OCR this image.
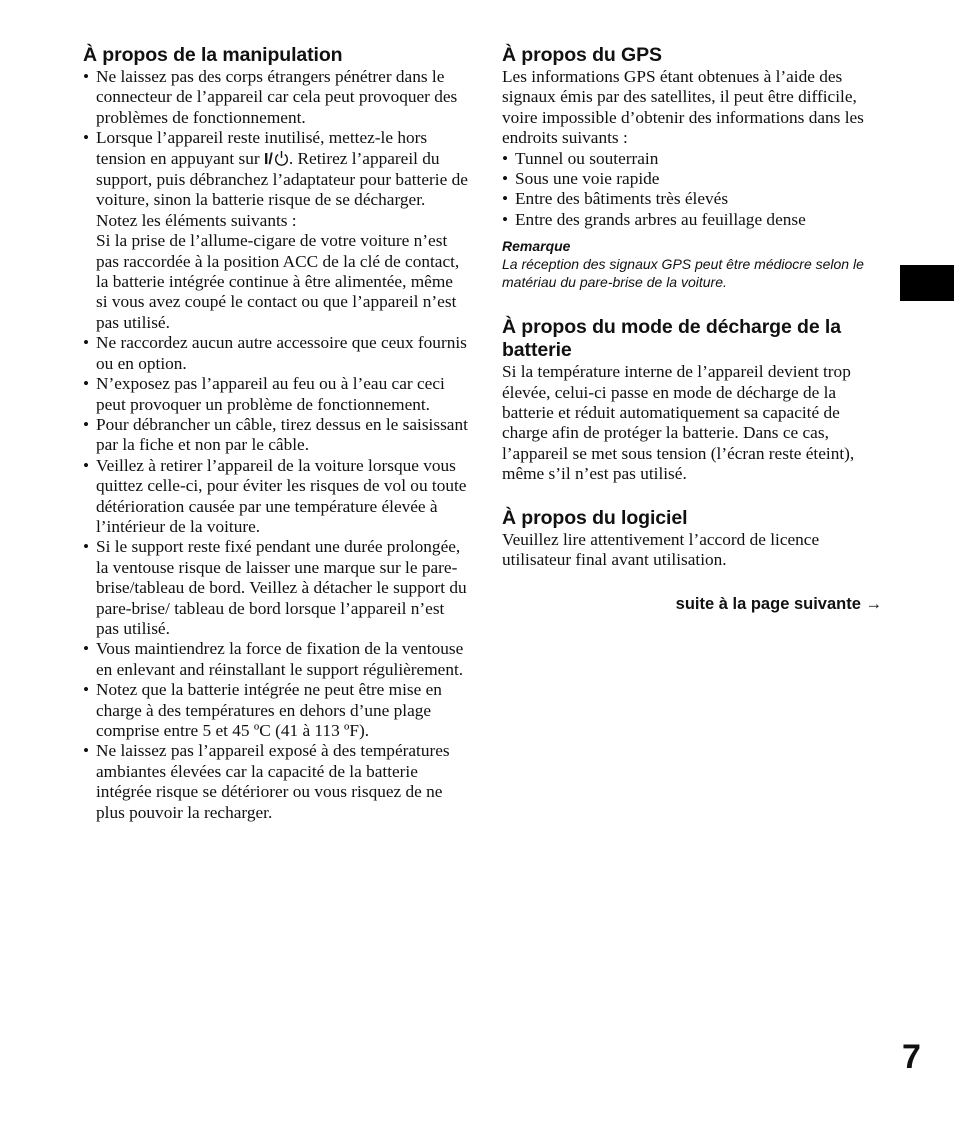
À propos de la manipulation
• Ne laissez pas des corps étrangers pénétrer dans le connecteur de l’appareil car cela peut provoquer des problèmes de fonctionnement.
• Lorsque l’appareil reste inutilisé, mettez-le hors tension en appuyant sur I/ . Retirez l’appareil du support, puis débranchez l’adaptateur pour batterie de voiture, sinon la batterie risque de se décharger. Notez les éléments suivants :
Si la prise de l’allume-cigare de votre voiture n’est pas raccordée à la position ACC de la clé de contact, la batterie intégrée continue à être alimentée, même si vous avez coupé le contact ou que l’appareil n’est pas utilisé.
• Ne raccordez aucun autre accessoire que ceux fournis ou en option.
• N’exposez pas l’appareil au feu ou à l’eau car ceci peut provoquer un problème de fonctionnement.
• Pour débrancher un câble, tirez dessus en le saisissant par la fiche et non par le câble.
• Veillez à retirer l’appareil de la voiture lorsque vous quittez celle-ci, pour éviter les risques de vol ou toute détérioration causée par une température élevée à l’intérieur de la voiture.
• Si le support reste fixé pendant une durée prolongée, la ventouse risque de laisser une marque sur le pare-brise/tableau de bord. Veillez à détacher le support du pare-brise/ tableau de bord lorsque l’appareil n’est pas utilisé.
• Vous maintiendrez la force de fixation de la ventouse en enlevant and réinstallant le support régulièrement.
• Notez que la batterie intégrée ne peut être mise en charge à des températures en dehors d’une plage comprise entre 5 et 45 ºC (41 à 113 ºF).
• Ne laissez pas l’appareil exposé à des températures ambiantes élevées car la capacité de la batterie intégrée risque se détériorer ou vous risquez de ne plus pouvoir la recharger.
À propos du GPS

Les informations GPS étant obtenues à l’aide des signaux émis par des satellites, il peut être difficile, voire impossible d’obtenir des informations dans les endroits suivants :

• Tunnel ou souterrain
• Sous une voie rapide
• Entre des bâtiments très élevés
• Entre des grands arbres au feuillage dense
Remarque
La réception des signaux GPS peut être médiocre selon le matériau du pare-brise de la voiture.
À propos du mode de décharge de la batterie

Si la température interne de l’appareil devient trop élevée, celui-ci passe en mode de décharge de la batterie et réduit automatiquement sa capacité de charge afin de protéger la batterie. Dans ce cas, l’appareil se met sous tension (l’écran reste éteint), même s’il n’est pas utilisé.

À propos du logiciel

Veuillez lire attentivement l’accord de licence utilisateur final avant utilisation.

suite à la page suivante →
7
